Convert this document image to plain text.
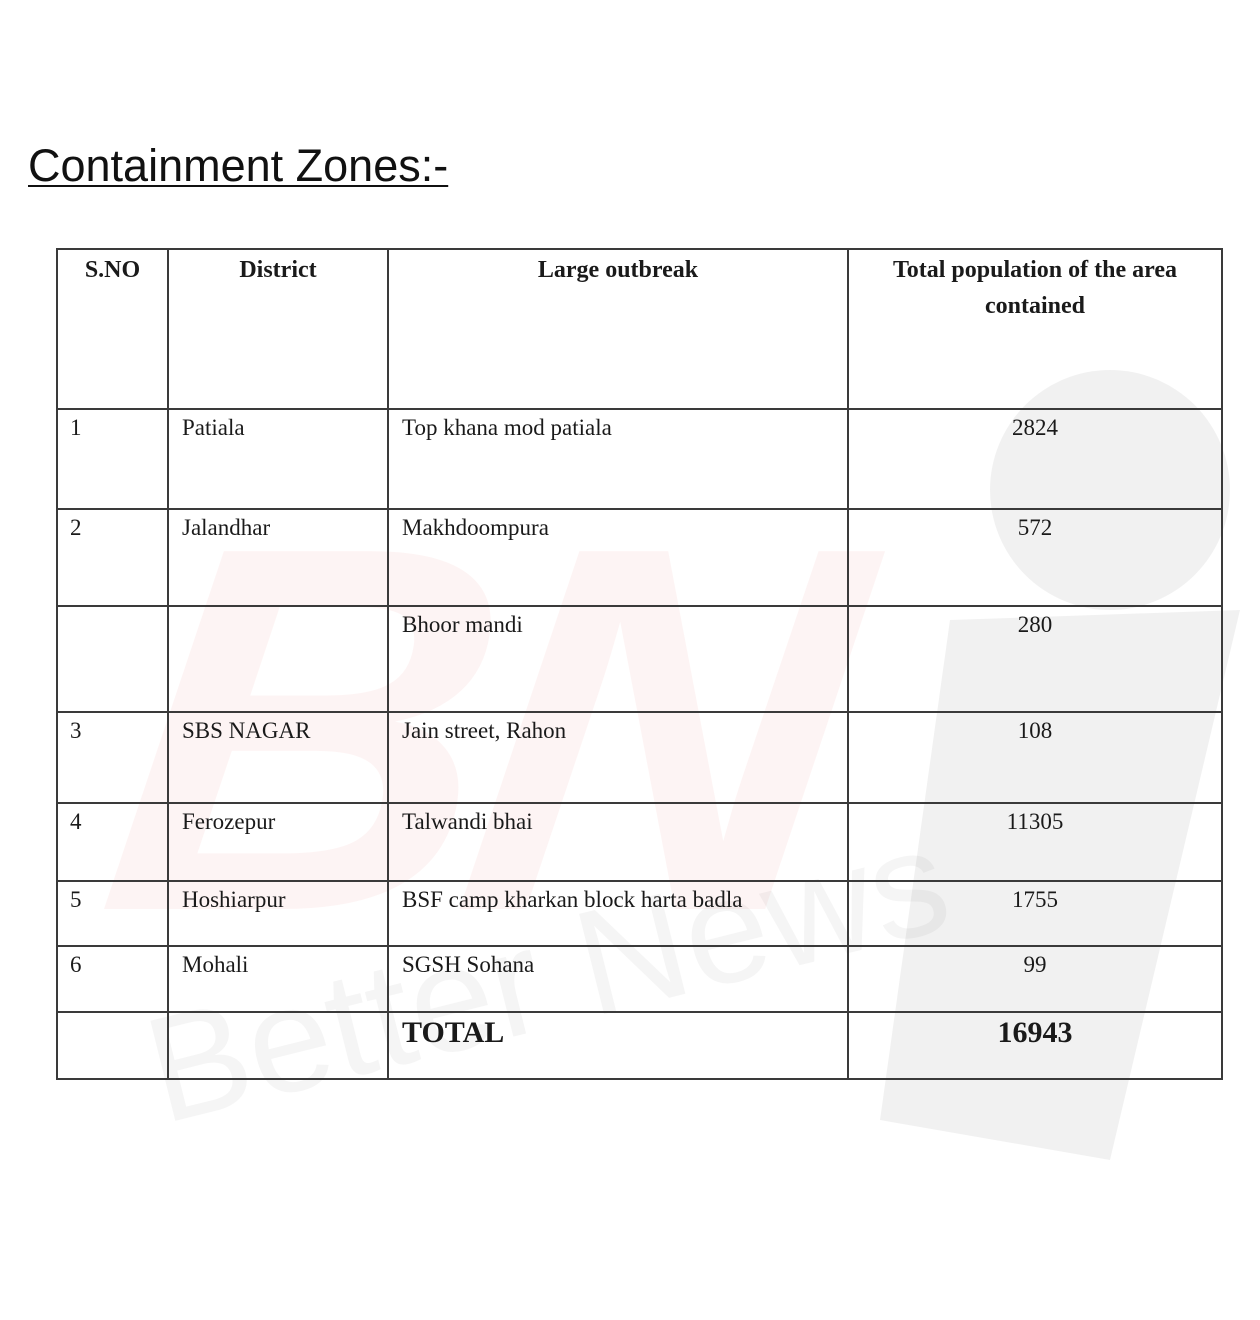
Containment Zones:-
S.NO	District	Large outbreak	Total population of the area contained
1	Patiala	Top khana mod patiala	2824
2	Jalandhar	Makhdoompura	572
		Bhoor mandi	280
3	SBS NAGAR	Jain street, Rahon	108
4	Ferozepur	Talwandi bhai	11305
5	Hoshiarpur	BSF camp kharkan block harta badla	1755
6	Mohali	SGSH Sohana	99
		TOTAL	16943
